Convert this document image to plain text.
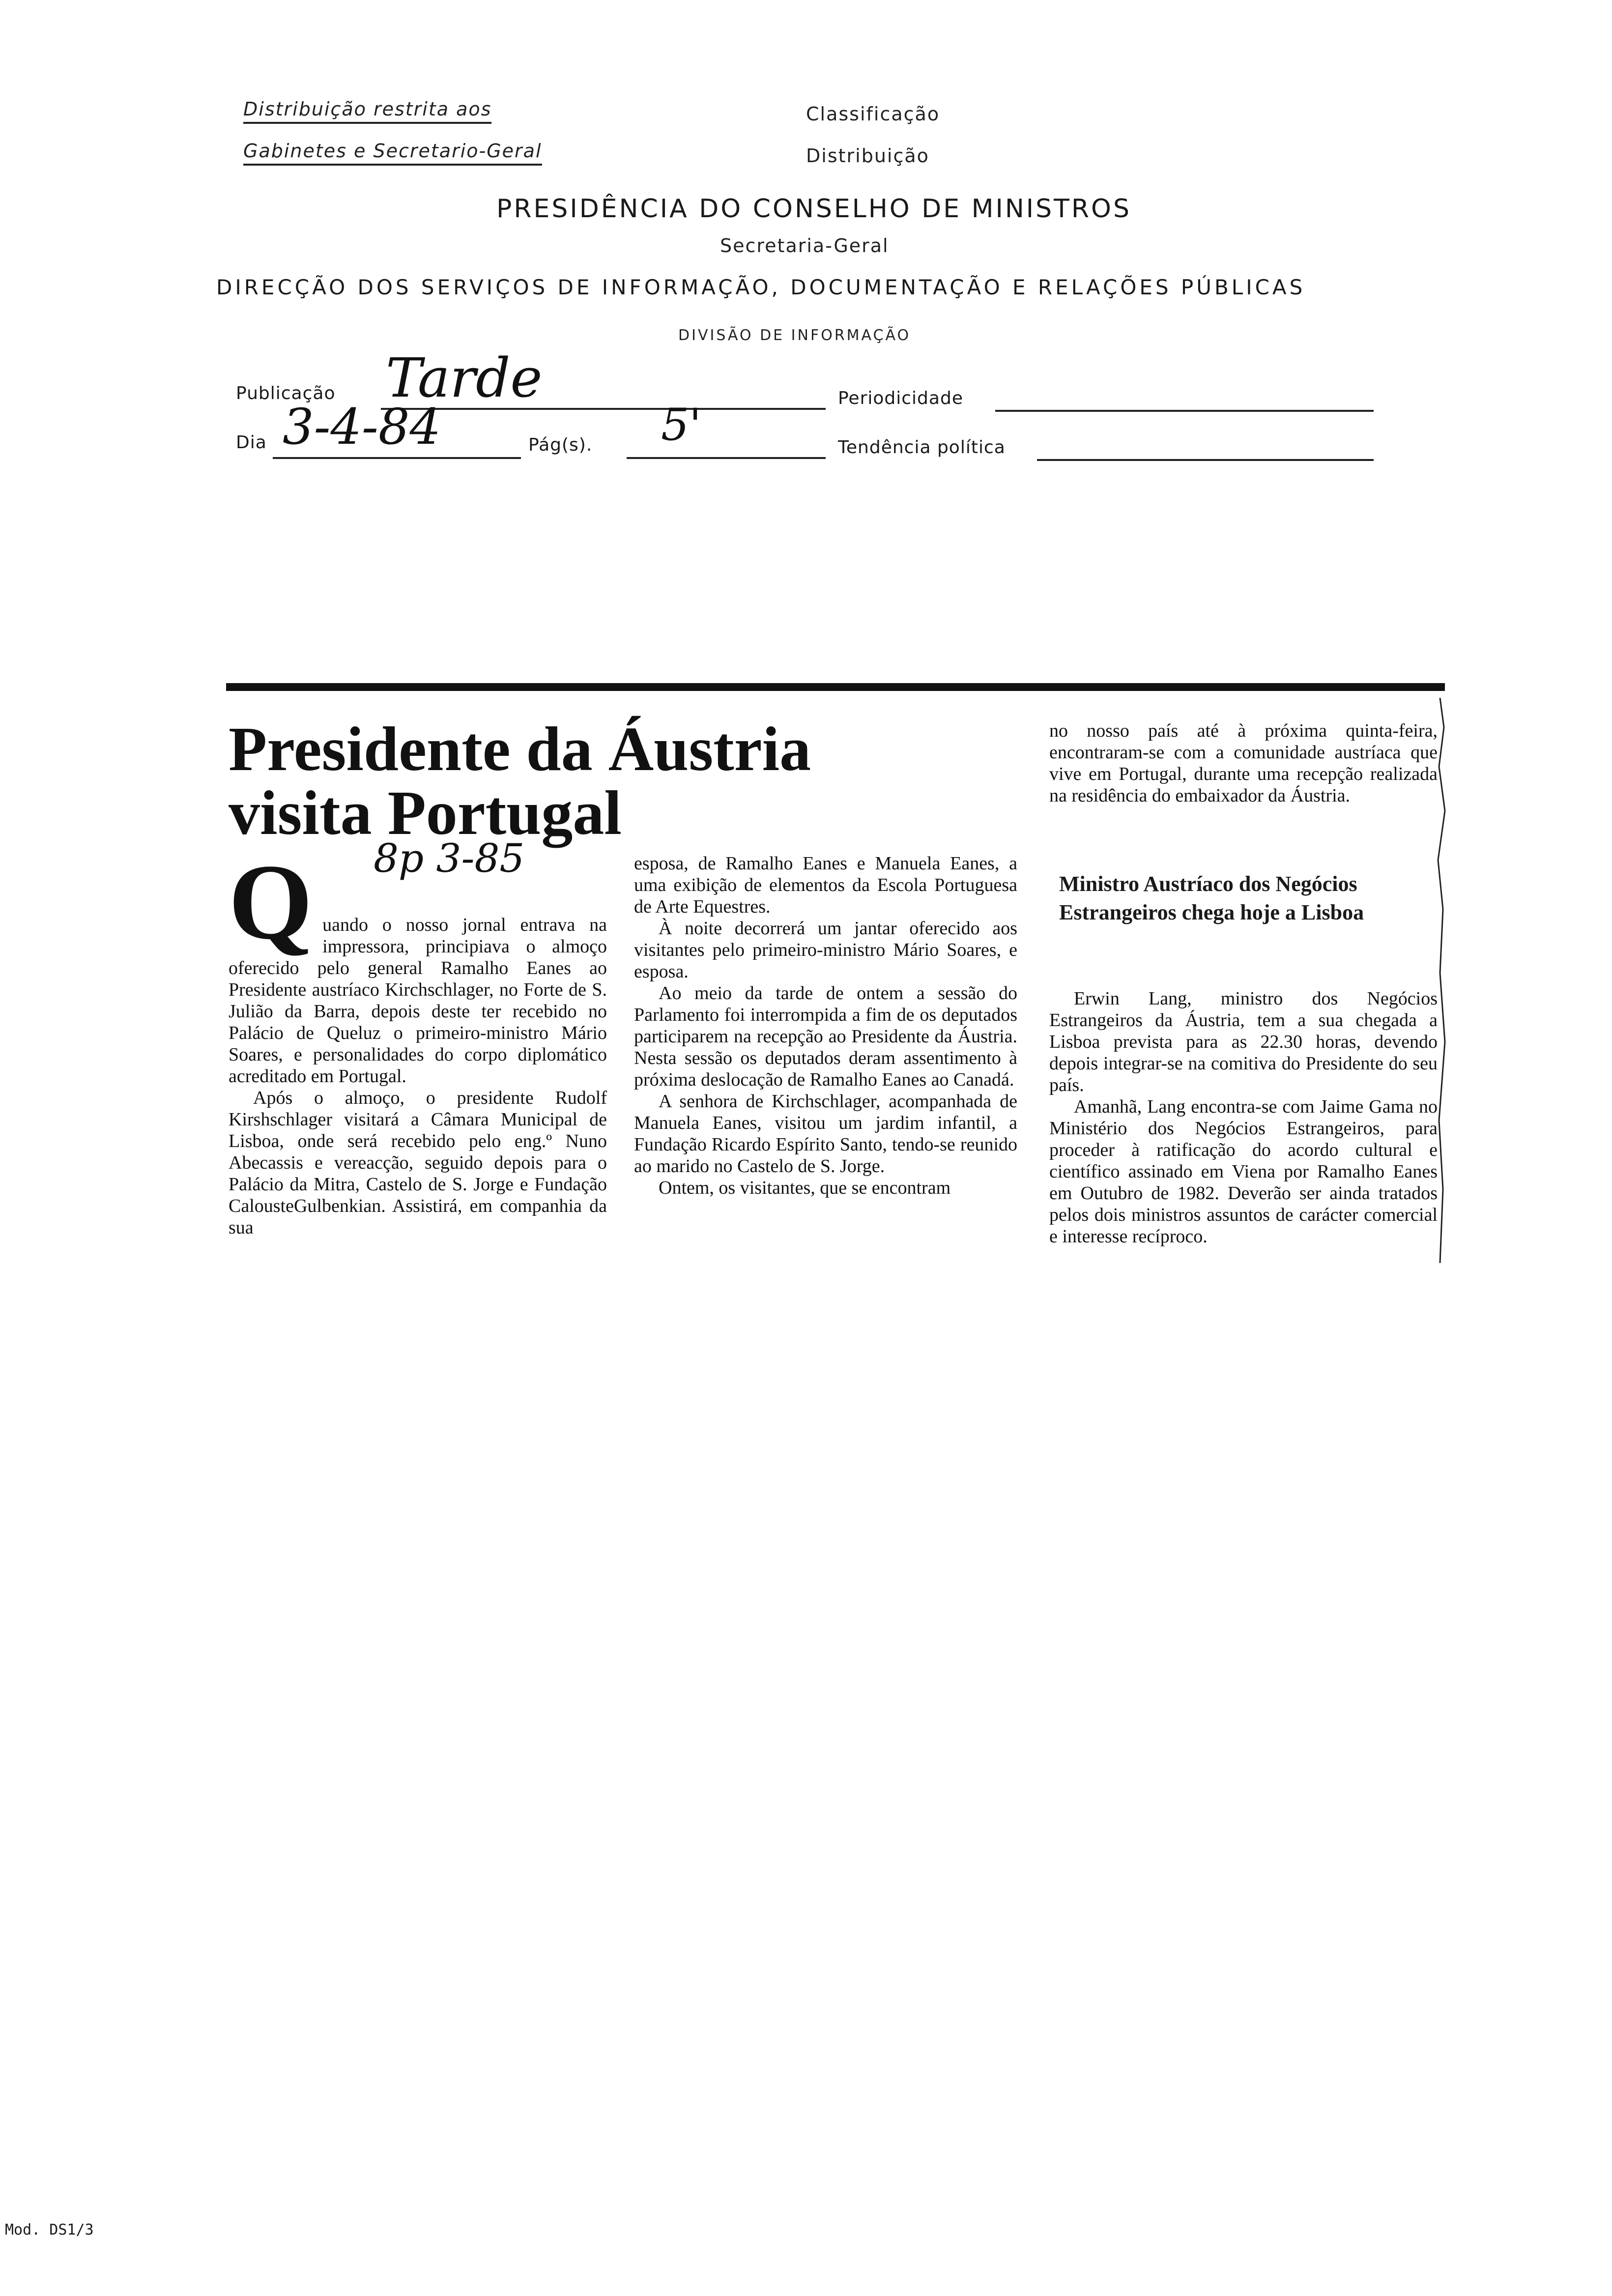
Distribuição restrita aos
Gabinetes e Secretario-Geral
Classificação
Distribuição
PRESIDÊNCIA DO CONSELHO DE MINISTROS
Secretaria-Geral
DIRECÇÃO DOS SERVIÇOS DE INFORMAÇÃO, DOCUMENTAÇÃO E RELAÇÕES PÚBLICAS
DIVISÃO DE INFORMAÇÃO
Publicação Tarde	Periodicidade
Dia 3-4-84	Pág(s). 5'	Tendência política
Presidente da Áustria
visita Portugal
8p 3-85
Q uando o nosso jornal entrava na impressora, principiava o almoço oferecido pelo general Ramalho Eanes ao Presidente austríaco Kirchschlager, no Forte de S. Julião da Barra, depois deste ter recebido no Palácio de Queluz o primeiro-ministro Mário Soares, e personalidades do corpo diplomático acreditado em Portugal.

Após o almoço, o presidente Rudolf Kirshschlager visitará a Câmara Municipal de Lisboa, onde será recebido pelo eng.º Nuno Abecassis e vereacção, seguido depois para o Palácio da Mitra, Castelo de S. Jorge e Fundação CalousteGulbenkian. Assistirá, em companhia da sua

esposa, de Ramalho Eanes e Manuela Eanes, a uma exibição de elementos da Escola Portuguesa de Arte Equestres.

À noite decorrerá um jantar oferecido aos visitantes pelo primeiro-ministro Mário Soares, e esposa.

Ao meio da tarde de ontem a sessão do Parlamento foi interrompida a fim de os deputados participarem na recepção ao Presidente da Áustria. Nesta sessão os deputados deram assentimento à próxima deslocação de Ramalho Eanes ao Canadá.

A senhora de Kirchschlager, acompanhada de Manuela Eanes, visitou um jardim infantil, a Fundação Ricardo Espírito Santo, tendo-se reunido ao marido no Castelo de S. Jorge.

Ontem, os visitantes, que se encontram

no nosso país até à próxima quinta-feira, encontraram-se com a comunidade austríaca que vive em Portugal, durante uma recepção realizada na residência do embaixador da Áustria.

Ministro Austríaco dos Negócios Estrangeiros chega hoje a Lisboa

Erwin Lang, ministro dos Negócios Estrangeiros da Áustria, tem a sua chegada a Lisboa prevista para as 22.30 horas, devendo depois integrar-se na comitiva do Presidente do seu país.

Amanhã, Lang encontra-se com Jaime Gama no Ministério dos Negócios Estrangeiros, para proceder à ratificação do acordo cultural e científico assinado em Viena por Ramalho Eanes em Outubro de 1982. Deverão ser ainda tratados pelos dois ministros assuntos de carácter comercial e interesse recíproco.

Mod. DS1/3
